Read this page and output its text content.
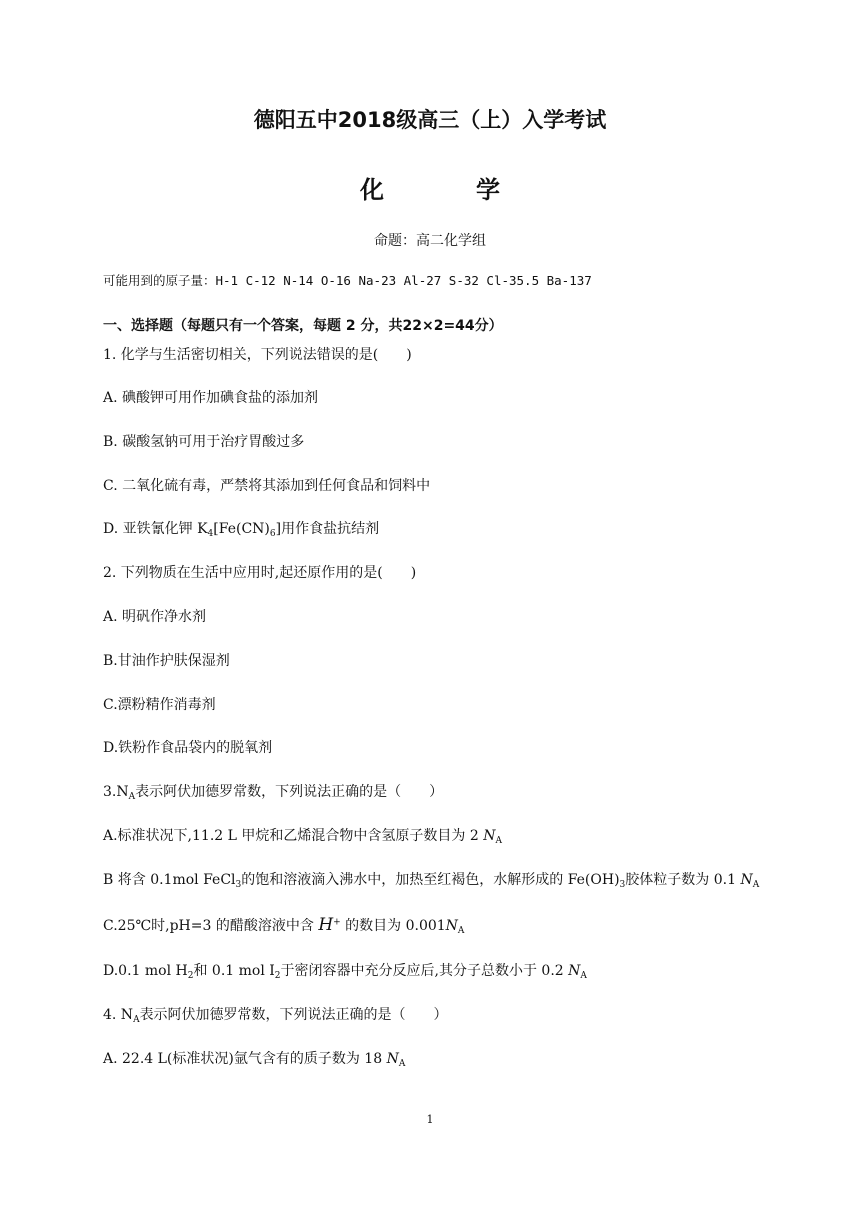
德阳五中2018级高三（上）入学考试
化　学
命题：高二化学组
可能用到的原子量：H-1 C-12 N-14 O-16 Na-23 Al-27 S-32 Cl-35.5 Ba-137
一、选择题（每题只有一个答案，每题 2 分，共22×2=44分）
1. 化学与生活密切相关，下列说法错误的是(　　)
A. 碘酸钾可用作加碘食盐的添加剂
B. 碳酸氢钠可用于治疗胃酸过多
C. 二氧化硫有毒，严禁将其添加到任何食品和饲料中
D. 亚铁氰化钾 $K_4[Fe(CN)_6]$用作食盐抗结剂
2. 下列物质在生活中应用时,起还原作用的是(　　)
A. 明矾作净水剂
B.甘油作护肤保湿剂
C.漂粉精作消毒剂
D.铁粉作食品袋内的脱氧剂
$3.N_A$表示阿伏加德罗常数，下列说法正确的是（　　）
A.标准状况下,11.2 L 甲烷和乙烯混合物中含氢原子数目为 2 $N_A$
B 将含 0.1mol FeCl$_3$的饱和溶液滴入沸水中，加热至红褐色，水解形成的 $Fe(OH)_3$胶体粒子数为 0.1 $N_A$
C.25℃时,pH=3 的醋酸溶液中含 H+ 的数目为 $0.001N_A$
D.0.1 mol $H_2$和 0.1 mol $I_2$于密闭容器中充分反应后,其分子总数小于 0.2 $N_A$
4. $N_A$表示阿伏加德罗常数，下列说法正确的是（　　）
A. 22.4 L(标准状况)氩气含有的质子数为 18 $N_A$
1
